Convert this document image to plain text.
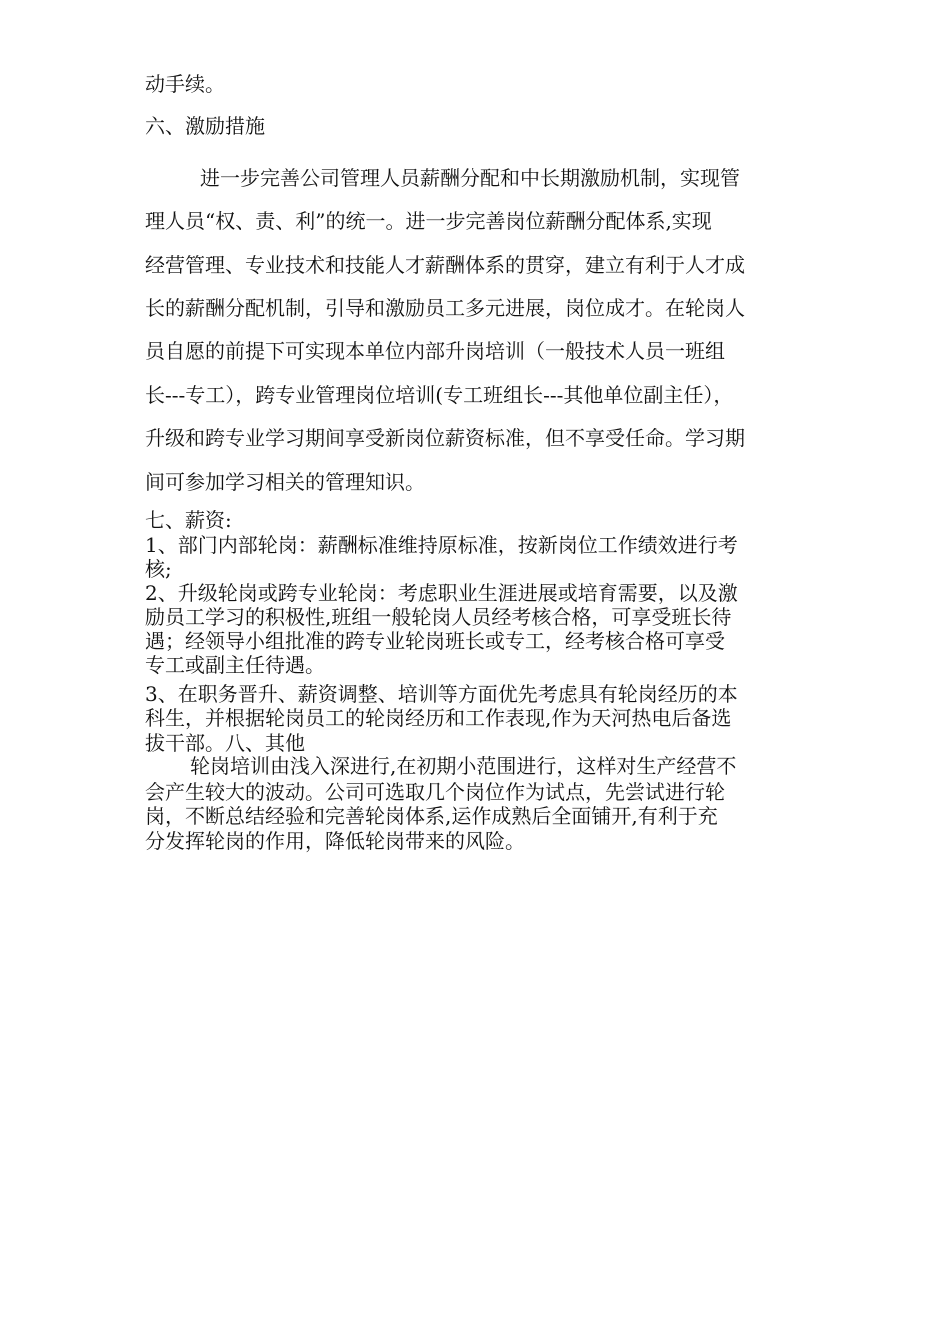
动手续。
六、激励措施
进一步完善公司管理人员薪酬分配和中长期激励机制，实现管
理人员“权、责、利”的统一。进一步完善岗位薪酬分配体系,实现
经营管理、专业技术和技能人才薪酬体系的贯穿，建立有利于人才成
长的薪酬分配机制，引导和激励员工多元进展，岗位成才。在轮岗人
员自愿的前提下可实现本单位内部升岗培训（一般技术人员一班组
长---专工），跨专业管理岗位培训(专工班组长---其他单位副主任），
升级和跨专业学习期间享受新岗位薪资标准，但不享受任命。学习期
间可参加学习相关的管理知识。
七、薪资:
1、部门内部轮岗：薪酬标准维持原标准，按新岗位工作绩效进行考
核;
2、升级轮岗或跨专业轮岗：考虑职业生涯进展或培育需要，以及激
励员工学习的积极性,班组一般轮岗人员经考核合格，可享受班长待
遇；经领导小组批准的跨专业轮岗班长或专工，经考核合格可享受
专工或副主任待遇。
3、在职务晋升、薪资调整、培训等方面优先考虑具有轮岗经历的本
科生，并根据轮岗员工的轮岗经历和工作表现,作为天河热电后备选
拔干部。八、其他
轮岗培训由浅入深进行,在初期小范围进行，这样对生产经营不
会产生较大的波动。公司可选取几个岗位作为试点，先尝试进行轮
岗，不断总结经验和完善轮岗体系,运作成熟后全面铺开,有利于充
分发挥轮岗的作用，降低轮岗带来的风险。
